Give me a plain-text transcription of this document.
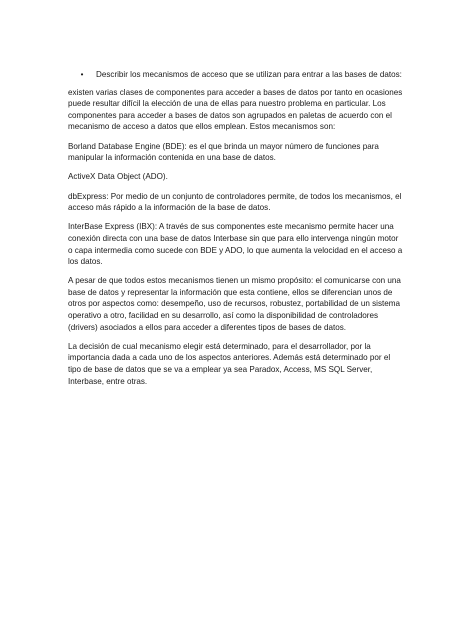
•	Describir los mecanismos de acceso que se utilizan para entrar a las bases de datos:

existen varias clases de componentes para acceder a bases de datos por tanto en ocasiones puede resultar difícil la elección de una de ellas para nuestro problema en particular. Los componentes para acceder a bases de datos son agrupados en paletas de acuerdo con el mecanismo de acceso a datos que ellos emplean. Estos mecanismos son:

Borland Database Engine (BDE): es el que brinda un mayor número de funciones para manipular la información contenida en una base de datos.

ActiveX Data Object (ADO).

dbExpress: Por medio de un conjunto de controladores permite, de todos los mecanismos, el acceso más rápido a la información de la base de datos.

InterBase Express (IBX): A través de sus componentes este mecanismo permite hacer una conexión directa con una base de datos Interbase sin que para ello intervenga ningún motor o capa intermedia como sucede con BDE y ADO, lo que aumenta la velocidad en el acceso a los datos.

A pesar de que todos estos mecanismos tienen un mismo propósito: el comunicarse con una base de datos y representar la información que esta contiene, ellos se diferencian unos de otros por aspectos como: desempeño, uso de recursos, robustez, portabilidad de un sistema operativo a otro, facilidad en su desarrollo, así como la disponibilidad de controladores (drivers) asociados a ellos para acceder a diferentes tipos de bases de datos.

La decisión de cual mecanismo elegir está determinado, para el desarrollador, por la importancia dada a cada uno de los aspectos anteriores. Además está determinado por el tipo de base de datos que se va a emplear ya sea Paradox, Access, MS SQL Server, Interbase, entre otras.
